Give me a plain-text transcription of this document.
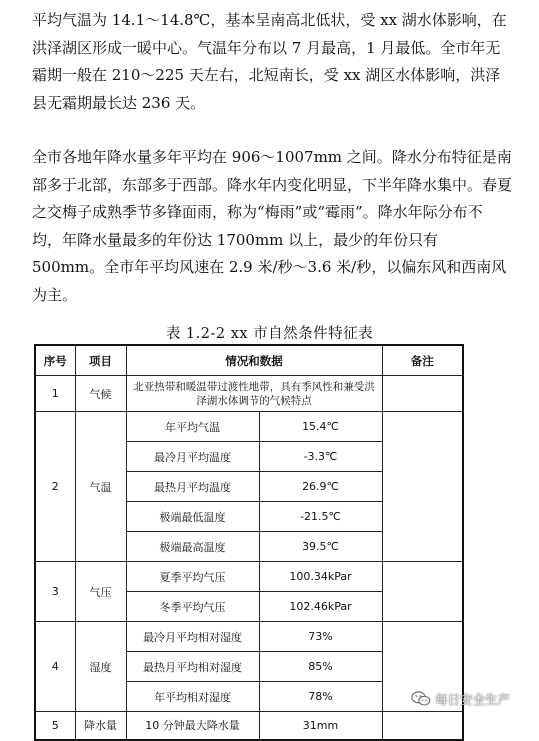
平均气温为 14.1～14.8℃，基本呈南高北低状，受 xx 湖水体影响，在洪泽湖区形成一暖中心。气温年分布以 7 月最高，1 月最低。全市年无霜期一般在 210～225 天左右，北短南长，受 xx 湖区水体影响，洪泽县无霜期最长达 236 天。

全市各地年降水量多年平均在 906～1007mm 之间。降水分布特征是南部多于北部，东部多于西部。降水年内变化明显，下半年降水集中。春夏之交梅子成熟季节多锋面雨，称为“梅雨”或“霉雨”。降水年际分布不均，年降水量最多的年份达 1700mm 以上，最少的年份只有 500mm。全市年平均风速在 2.9 米/秒～3.6 米/秒，以偏东风和西南风为主。

表 1.2-2 xx 市自然条件特征表
序号	项目	情况和数据		备注
1	气候	北亚热带和暖温带过渡性地带，具有季风性和兼受洪泽湖水体调节的气候特点		
2	气温	年平均气温	15.4℃	
		最冷月平均温度	-3.3℃	
		最热月平均温度	26.9℃	
		极端最低温度	-21.5℃	
		极端最高温度	39.5℃	
3	气压	夏季平均气压	100.34kPar	
		冬季平均气压	102.46kPar	
4	湿度	最冷月平均相对湿度	73%	
		最热月平均相对湿度	85%	
		年平均相对湿度	78%	
5	降水量	10 分钟最大降水量	31mm	
每日安全生产
